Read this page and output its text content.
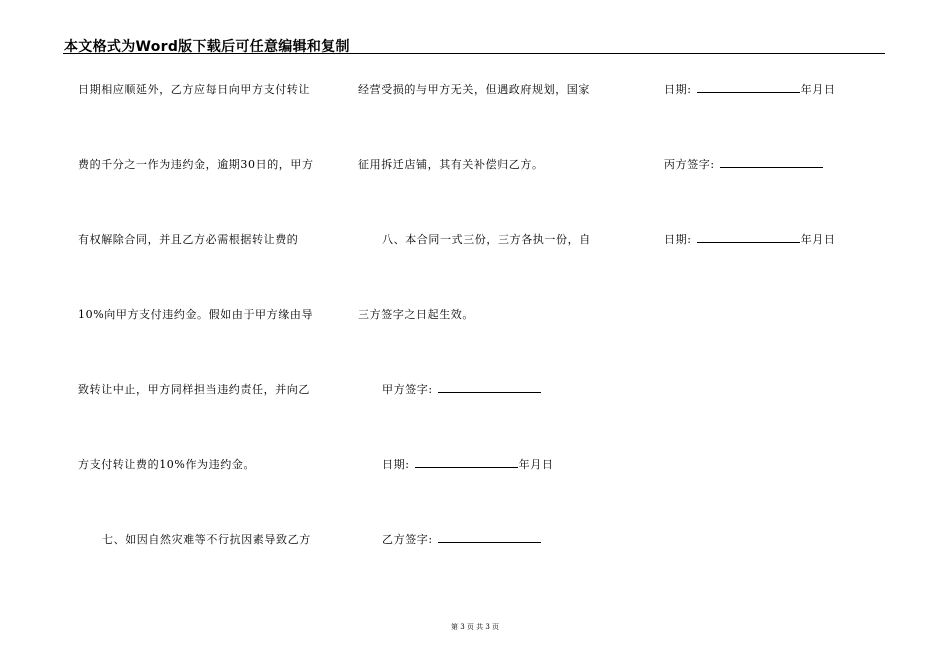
本文格式为Word版下载后可任意编辑和复制
日期相应顺延外，乙方应每日向甲方支付转让
费的千分之一作为违约金，逾期30日的，甲方
有权解除合同，并且乙方必需根据转让费的
10%向甲方支付违约金。假如由于甲方缘由导
致转让中止，甲方同样担当违约责任，并向乙
方支付转让费的10%作为违约金。
七、如因自然灾难等不行抗因素导致乙方
经营受损的与甲方无关，但遇政府规划，国家
征用拆迁店铺，其有关补偿归乙方。
八、本合同一式三份，三方各执一份，自
三方签字之日起生效。
甲方签字:
日期:	年月日
乙方签字:
日期:	年月日
丙方签字:
日期:	年月日
第 3 页 共 3 页
